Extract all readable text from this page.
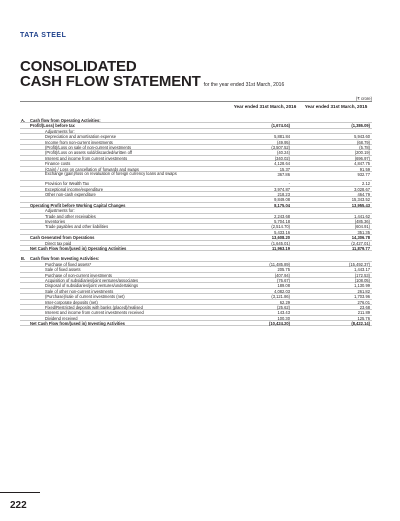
TATA STEEL
CONSOLIDATED
CASH FLOW STATEMENT for the year ended 31st March, 2016
(₹ crore)
Year ended 31st March, 2016	Year ended 31st March, 2015
A. Cash flow from Operating Activities:
Profit/(Loss) before tax	(1,674.04)	(1,386.09)
Adjustments for:
Depreciation and amortisation expense	5,881.84	5,943.60
Income from non-current investments	(49.95)	(68.79)
(Profit)/Loss on sale of non-current investments	(3,507.52)	(5.78)
(Profit)/Loss on assets sold/discarded/written off	(40.24)	(200.19)
Interest and income from current investments	(340.02)	(696.97)
Finance costs	4,128.64	4,847.75
(Gain) / Loss on cancellation of forwards and swaps	15.37	91.59
Exchange (gain)/loss on revaluation of foreign currency loans and swaps	367.86	932.77
Provision for Wealth Tax	-	2.12
Exceptional income/expenditure	3,974.87	3,028.67
Other non-cash expenditure	218.23	464.79
9,849.08	15,343.52
Operating Profit before Working Capital Changes	8,175.04	13,955.43
Adjustments for:
Trade and other receivables	2,243.68	1,441.62
Inventories	5,704.18	(485.36)
Trade payables and other liabilities	(2,514.70)	(604.91)
5,433.16	351.35
Cash Generated from Operations	13,608.20	14,306.78
Direct tax paid	(1,645.01)	(2,427.01)
Net Cash Flow from/(used in) Operating Activities	11,963.19	11,879.77
B. Cash flow from Investing Activities:
Purchase of fixed assets*	(11,485.89)	(15,492.37)
Sale of fixed assets	205.75	1,443.17
Purchase of non-current investments	(407.94)	(172.53)
Acquisition of subsidiaries/joint ventures/associates	(76.67)	(108.05)
Disposal of subsidiaries/joint ventures/undertakings	189.08	1,130.99
Sale of other non-current investments	4,082.03	261.82
(Purchase)/sale of current investments (net)	(3,121.86)	1,703.96
Inter-corporate deposits (net)	62.29	276.01
Fixed/Restricted deposits with banks (placed)/realised	(25.62)	23.68
Interest and income from current investments received	143.43	211.89
Dividend received	100.30	125.76
Net Cash Flow from/(used in) Investing Activities	(10,424.20)	(8,422.14)
222
